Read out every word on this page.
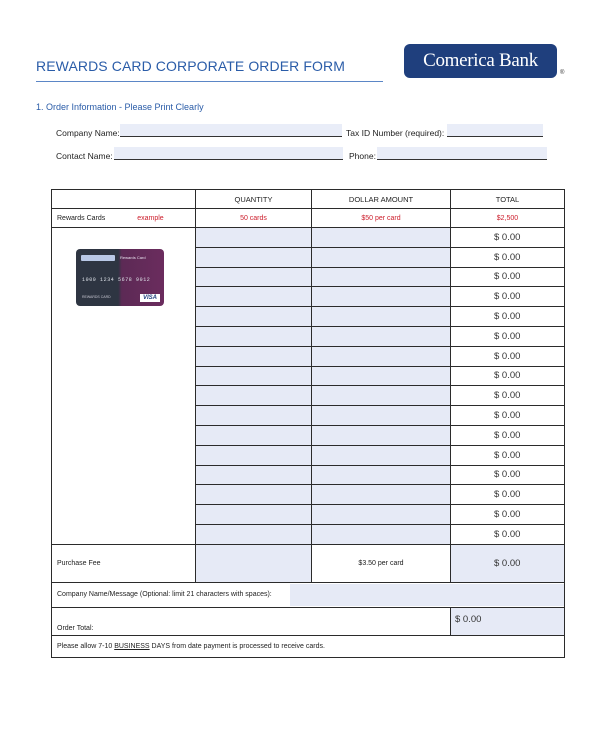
REWARDS CARD CORPORATE ORDER FORM	Comerica Bank
®
1. Order Information - Please Print Clearly
Company Name:	Tax ID Number (required):
Contact Name:	Phone:
	QUANTITY	DOLLAR AMOUNT	TOTAL
Rewards Cards example	50 cards	$50 per card	$2,500
			$ 0.00
			$ 0.00
			$ 0.00
			$ 0.00
			$ 0.00
			$ 0.00
			$ 0.00
			$ 0.00
			$ 0.00
			$ 0.00
			$ 0.00
			$ 0.00
			$ 0.00
			$ 0.00
			$ 0.00
			$ 0.00
Purchase Fee		$3.50 per card	$ 0.00
Company Name/Message (Optional: limit 21 characters with spaces):			

Order Total:			$ 0.00
Please allow 7-10 BUSINESS DAYS from date payment is processed to receive cards.			
Rewards Card
1000 1234 5678 9012
REWARDS CARD	VISA
